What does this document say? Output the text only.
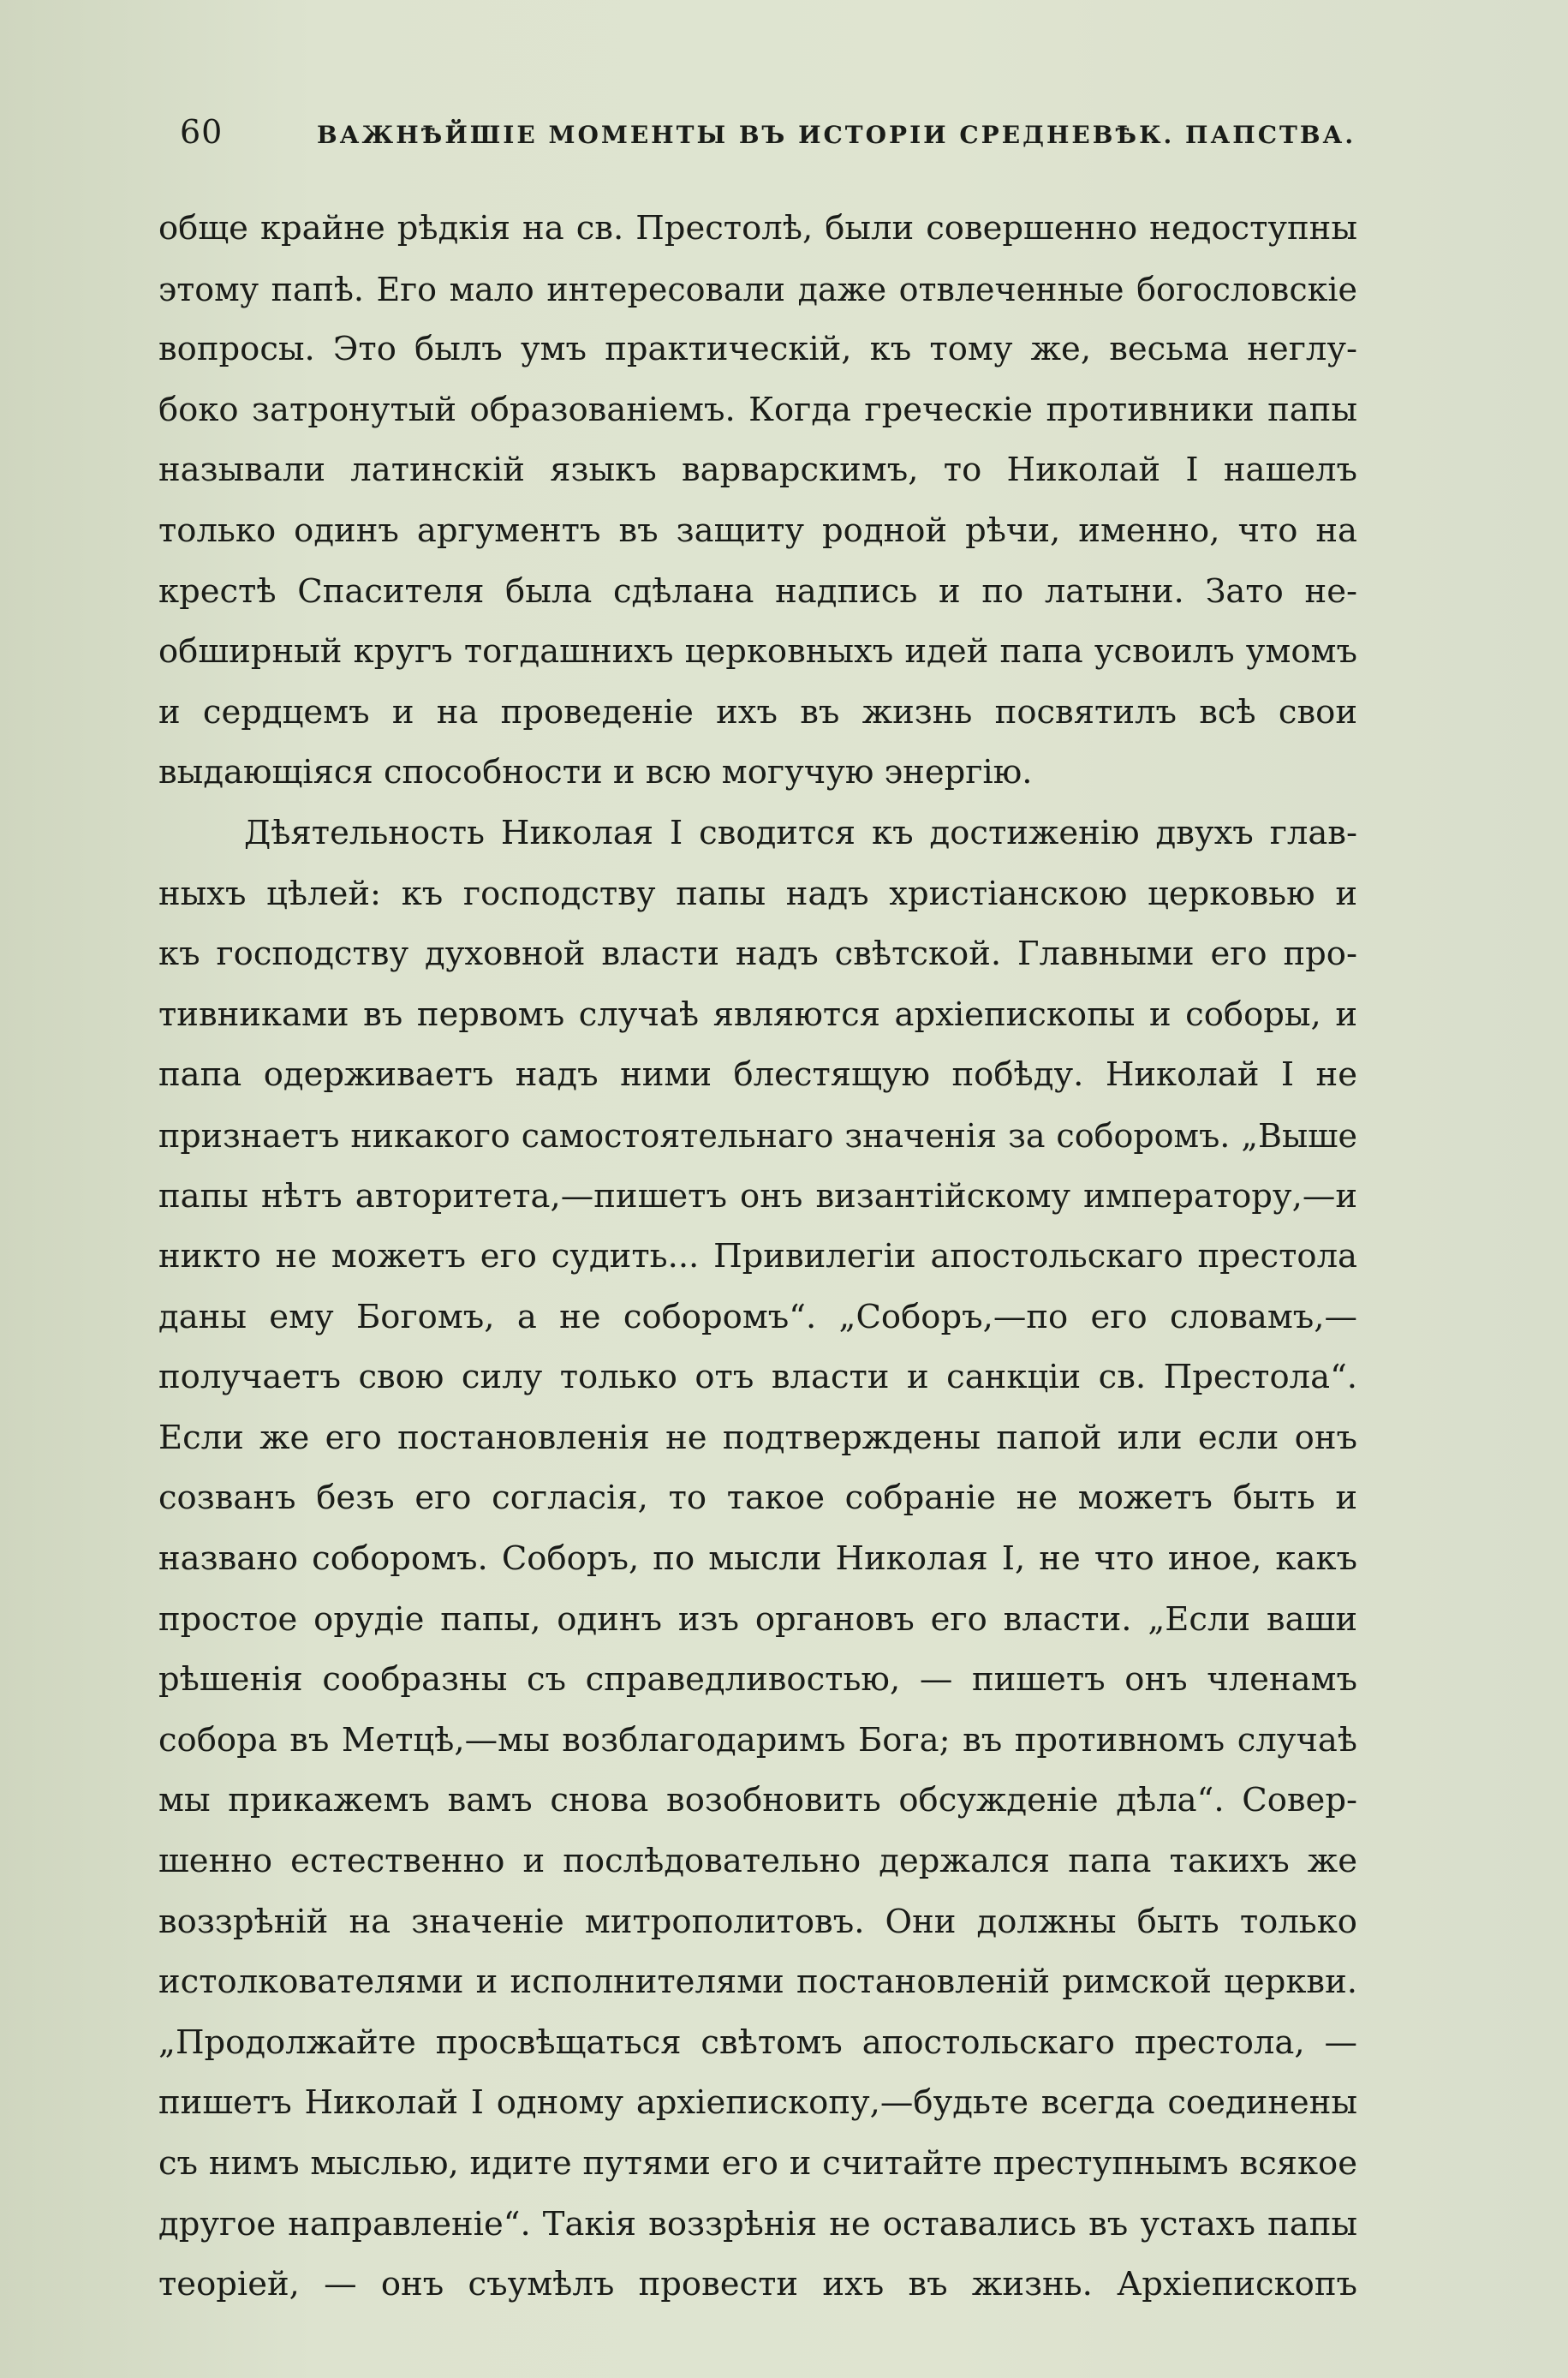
60	ВАЖНѢЙШІЕ МОМЕНТЫ ВЪ ИСТОРІИ СРЕДНЕВѢК. ПАПСТВА.
обще крайне рѣдкія на св. Престолѣ, были совершенно недоступны
этому папѣ. Его мало интересовали даже отвлеченные богословскіе
вопросы. Это былъ умъ практическій, къ тому же, весьма неглу-
боко затронутый образованіемъ. Когда греческіе противники папы
называли латинскій языкъ варварскимъ, то Николай I нашелъ
только одинъ аргументъ въ защиту родной рѣчи, именно, что на
крестѣ Спасителя была сдѣлана надпись и по латыни. Зато не-
обширный кругъ тогдашнихъ церковныхъ идей папа усвоилъ умомъ
и сердцемъ и на проведеніе ихъ въ жизнь посвятилъ всѣ свои
выдающіяся способности и всю могучую энергію.
Дѣятельность Николая I сводится къ достиженію двухъ глав-
ныхъ цѣлей: къ господству папы надъ христіанскою церковью и
къ господству духовной власти надъ свѣтской. Главными его про-
тивниками въ первомъ случаѣ являются архіепископы и соборы, и
папа одерживаетъ надъ ними блестящую побѣду. Николай I не
признаетъ никакого самостоятельнаго значенія за соборомъ. „Выше
папы нѣтъ авторитета,—пишетъ онъ византійскому императору,—и
никто не можетъ его судить... Привилегіи апостольскаго престола
даны ему Богомъ, а не соборомъ“. „Соборъ,—по его словамъ,—
получаетъ свою силу только отъ власти и санкціи св. Престола“.
Если же его постановленія не подтверждены папой или если онъ
созванъ безъ его согласія, то такое собраніе не можетъ быть и
названо соборомъ. Соборъ, по мысли Николая I, не что иное, какъ
простое орудіе папы, одинъ изъ органовъ его власти. „Если ваши
рѣшенія сообразны съ справедливостью, — пишетъ онъ членамъ
собора въ Метцѣ,—мы возблагодаримъ Бога; въ противномъ случаѣ
мы прикажемъ вамъ снова возобновить обсужденіе дѣла“. Совер-
шенно естественно и послѣдовательно держался папа такихъ же
воззрѣній на значеніе митрополитовъ. Они должны быть только
истолкователями и исполнителями постановленій римской церкви.
„Продолжайте просвѣщаться свѣтомъ апостольскаго престола, —
пишетъ Николай I одному архіепископу,—будьте всегда соединены
съ нимъ мыслью, идите путями его и считайте преступнымъ всякое
другое направленіе“. Такія воззрѣнія не оставались въ устахъ папы
теоріей, — онъ съумѣлъ провести ихъ въ жизнь. Архіепископъ
